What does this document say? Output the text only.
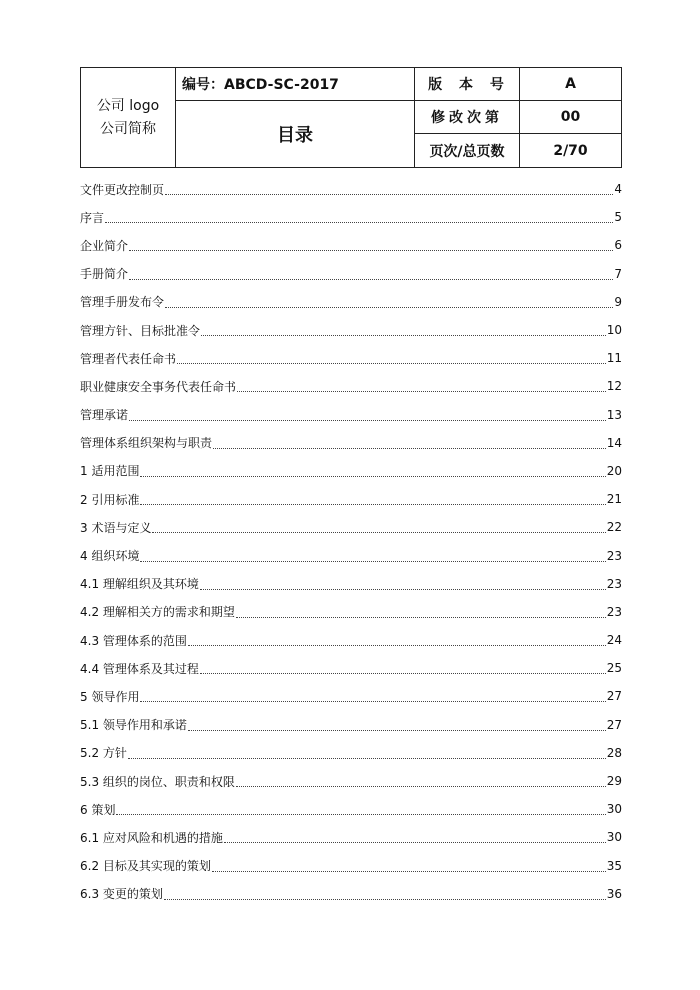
公司 logo
公司简称	编号：ABCD-SC-2017	版 本 号	A
	目录	修改次第	00
		页次/总页数	2/70
文件更改控制页	4
序言	5
企业简介	6
手册简介	7
管理手册发布令	9
管理方针、目标批准令	10
管理者代表任命书	11
职业健康安全事务代表任命书	12
管理承诺	13
管理体系组织架构与职责	14
1 适用范围	20
2 引用标准	21
3 术语与定义	22
4 组织环境	23
4.1 理解组织及其环境	23
4.2 理解相关方的需求和期望	23
4.3 管理体系的范围	24
4.4 管理体系及其过程	25
5 领导作用	27
5.1 领导作用和承诺	27
5.2 方针	28
5.3 组织的岗位、职责和权限	29
6 策划	30
6.1 应对风险和机遇的措施	30
6.2 目标及其实现的策划	35
6.3 变更的策划	36
